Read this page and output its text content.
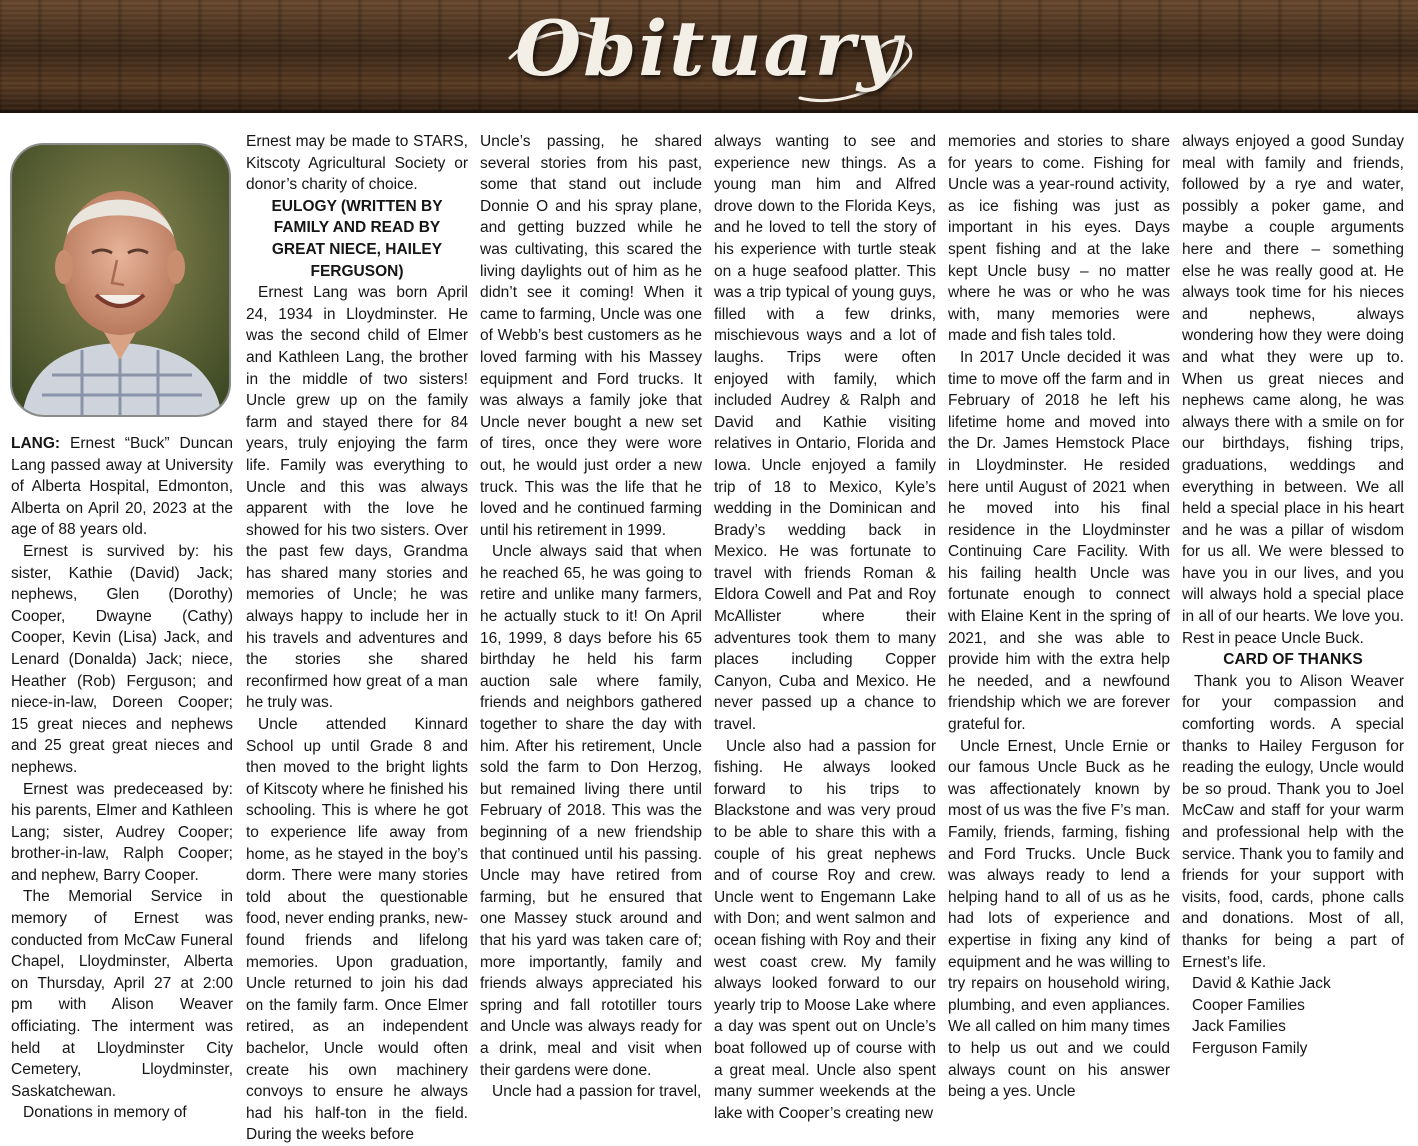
Obituary

LANG: Ernest “Buck” Duncan Lang passed away at University of Alberta Hospital, Edmonton, Alberta on April 20, 2023 at the age of 88 years old.

Ernest is survived by: his sister, Kathie (David) Jack; nephews, Glen (Dorothy) Cooper, Dwayne (Cathy) Cooper, Kevin (Lisa) Jack, and Lenard (Donalda) Jack; niece, Heather (Rob) Ferguson; and niece-in-law, Doreen Cooper; 15 great nieces and nephews and 25 great great nieces and nephews.

Ernest was predeceased by: his parents, Elmer and Kathleen Lang; sister, Audrey Cooper; brother-in-law, Ralph Cooper; and nephew, Barry Cooper.

The Memorial Service in memory of Ernest was conducted from McCaw Funeral Chapel, Lloydminster, Alberta on Thursday, April 27 at 2:00 pm with Alison Weaver officiating. The interment was held at Lloydminster City Cemetery, Lloydminster, Saskatchewan.

Donations in memory of

Ernest may be made to STARS, Kitscoty Agricultural Society or donor’s charity of choice.

EULOGY (WRITTEN BY FAMILY AND READ BY GREAT NIECE, HAILEY FERGUSON)

Ernest Lang was born April 24, 1934 in Lloydminster. He was the second child of Elmer and Kathleen Lang, the brother in the middle of two sisters! Uncle grew up on the family farm and stayed there for 84 years, truly enjoying the farm life. Family was everything to Uncle and this was always apparent with the love he showed for his two sisters. Over the past few days, Grandma has shared many stories and memories of Uncle; he was always happy to include her in his travels and adventures and the stories she shared reconfirmed how great of a man he truly was.

Uncle attended Kinnard School up until Grade 8 and then moved to the bright lights of Kitscoty where he finished his schooling. This is where he got to experience life away from home, as he stayed in the boy’s dorm. There were many stories told about the questionable food, never ending pranks, new-found friends and lifelong memories. Upon graduation, Uncle returned to join his dad on the family farm. Once Elmer retired, as an independent bachelor, Uncle would often create his own machinery convoys to ensure he always had his half-ton in the field. During the weeks before

Uncle’s passing, he shared several stories from his past, some that stand out include Donnie O and his spray plane, and getting buzzed while he was cultivating, this scared the living daylights out of him as he didn’t see it coming! When it came to farming, Uncle was one of Webb’s best customers as he loved farming with his Massey equipment and Ford trucks. It was always a family joke that Uncle never bought a new set of tires, once they were wore out, he would just order a new truck. This was the life that he loved and he continued farming until his retirement in 1999.

Uncle always said that when he reached 65, he was going to retire and unlike many farmers, he actually stuck to it! On April 16, 1999, 8 days before his 65 birthday he held his farm auction sale where family, friends and neighbors gathered together to share the day with him. After his retirement, Uncle sold the farm to Don Herzog, but remained living there until February of 2018. This was the beginning of a new friendship that continued until his passing. Uncle may have retired from farming, but he ensured that one Massey stuck around and that his yard was taken care of; more importantly, family and friends always appreciated his spring and fall rototiller tours and Uncle was always ready for a drink, meal and visit when their gardens were done.

Uncle had a passion for travel,

always wanting to see and experience new things. As a young man him and Alfred drove down to the Florida Keys, and he loved to tell the story of his experience with turtle steak on a huge seafood platter. This was a trip typical of young guys, filled with a few drinks, mischievous ways and a lot of laughs. Trips were often enjoyed with family, which included Audrey & Ralph and David and Kathie visiting relatives in Ontario, Florida and Iowa. Uncle enjoyed a family trip of 18 to Mexico, Kyle’s wedding in the Dominican and Brady’s wedding back in Mexico. He was fortunate to travel with friends Roman & Eldora Cowell and Pat and Roy McAllister where their adventures took them to many places including Copper Canyon, Cuba and Mexico. He never passed up a chance to travel.

Uncle also had a passion for fishing. He always looked forward to his trips to Blackstone and was very proud to be able to share this with a couple of his great nephews and of course Roy and crew. Uncle went to Engemann Lake with Don; and went salmon and ocean fishing with Roy and their west coast crew. My family always looked forward to our yearly trip to Moose Lake where a day was spent out on Uncle’s boat followed up of course with a great meal. Uncle also spent many summer weekends at the lake with Cooper’s creating new

memories and stories to share for years to come. Fishing for Uncle was a year-round activity, as ice fishing was just as important in his eyes. Days spent fishing and at the lake kept Uncle busy – no matter where he was or who he was with, many memories were made and fish tales told.

In 2017 Uncle decided it was time to move off the farm and in February of 2018 he left his lifetime home and moved into the Dr. James Hemstock Place in Lloydminster. He resided here until August of 2021 when he moved into his final residence in the Lloydminster Continuing Care Facility. With his failing health Uncle was fortunate enough to connect with Elaine Kent in the spring of 2021, and she was able to provide him with the extra help he needed, and a newfound friendship which we are forever grateful for.

Uncle Ernest, Uncle Ernie or our famous Uncle Buck as he was affectionately known by most of us was the five F’s man. Family, friends, farming, fishing and Ford Trucks. Uncle Buck was always ready to lend a helping hand to all of us as he had lots of experience and expertise in fixing any kind of equipment and he was willing to try repairs on household wiring, plumbing, and even appliances. We all called on him many times to help us out and we could always count on his answer being a yes. Uncle

always enjoyed a good Sunday meal with family and friends, followed by a rye and water, possibly a poker game, and maybe a couple arguments here and there – something else he was really good at. He always took time for his nieces and nephews, always wondering how they were doing and what they were up to. When us great nieces and nephews came along, he was always there with a smile on for our birthdays, fishing trips, graduations, weddings and everything in between. We all held a special place in his heart and he was a pillar of wisdom for us all. We were blessed to have you in our lives, and you will always hold a special place in all of our hearts. We love you. Rest in peace Uncle Buck.

CARD OF THANKS

Thank you to Alison Weaver for your compassion and comforting words. A special thanks to Hailey Ferguson for reading the eulogy, Uncle would be so proud. Thank you to Joel McCaw and staff for your warm and professional help with the service. Thank you to family and friends for your support with visits, food, cards, phone calls and donations. Most of all, thanks for being a part of Ernest’s life.

David & Kathie Jack

Cooper Families

Jack Families

Ferguson Family
